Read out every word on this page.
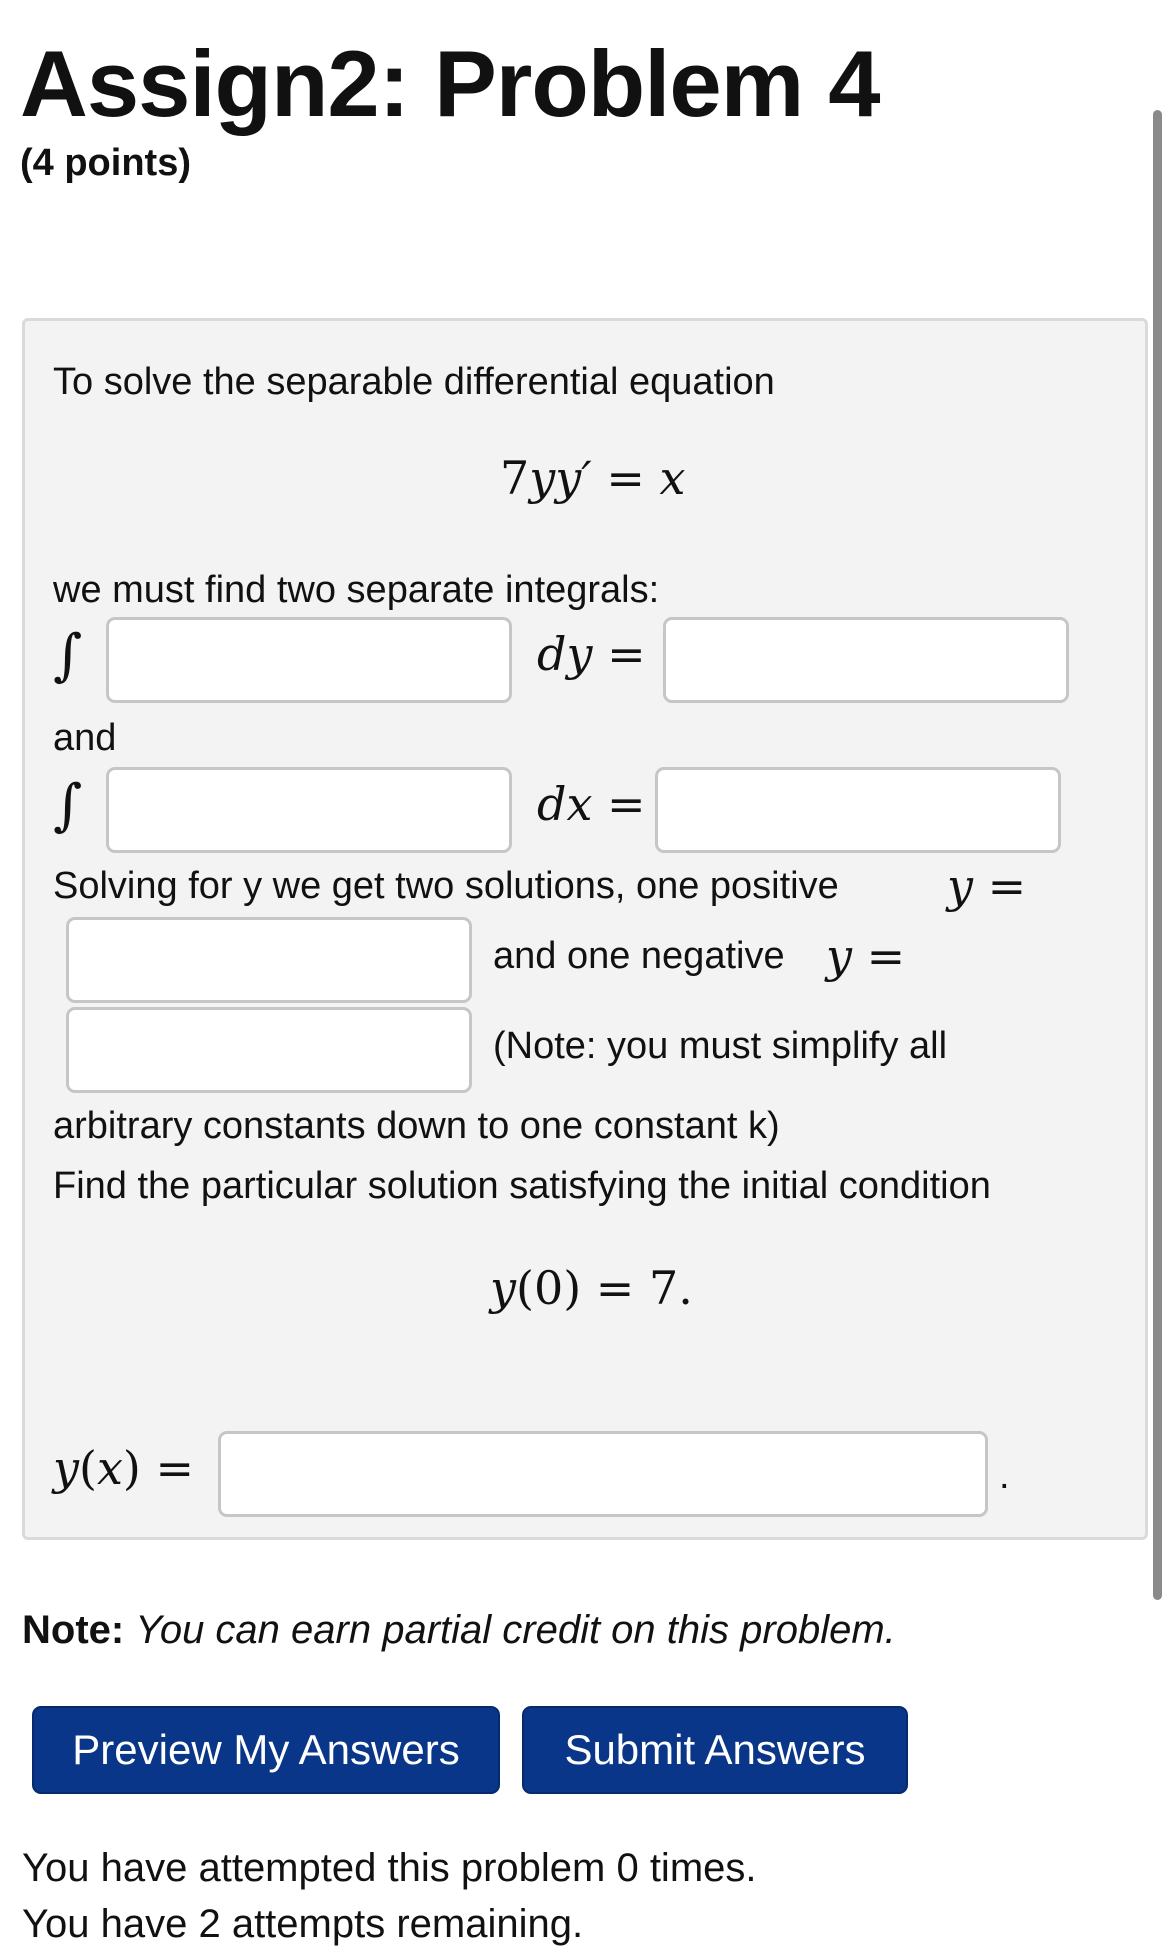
Assign2: Problem 4
(4 points)
To solve the separable differential equation
7yy′ = x
we must find two separate integrals:
∫	dy =
and
∫	dx =
Solving for y we get two solutions, one positive y =
and one negative y =
(Note: you must simplify all
arbitrary constants down to one constant k)
Find the particular solution satisfying the initial condition
y(0) = 7.
y(x) =	.
Note: You can earn partial credit on this problem.
Preview My Answers	Submit Answers
You have attempted this problem 0 times.
You have 2 attempts remaining.
